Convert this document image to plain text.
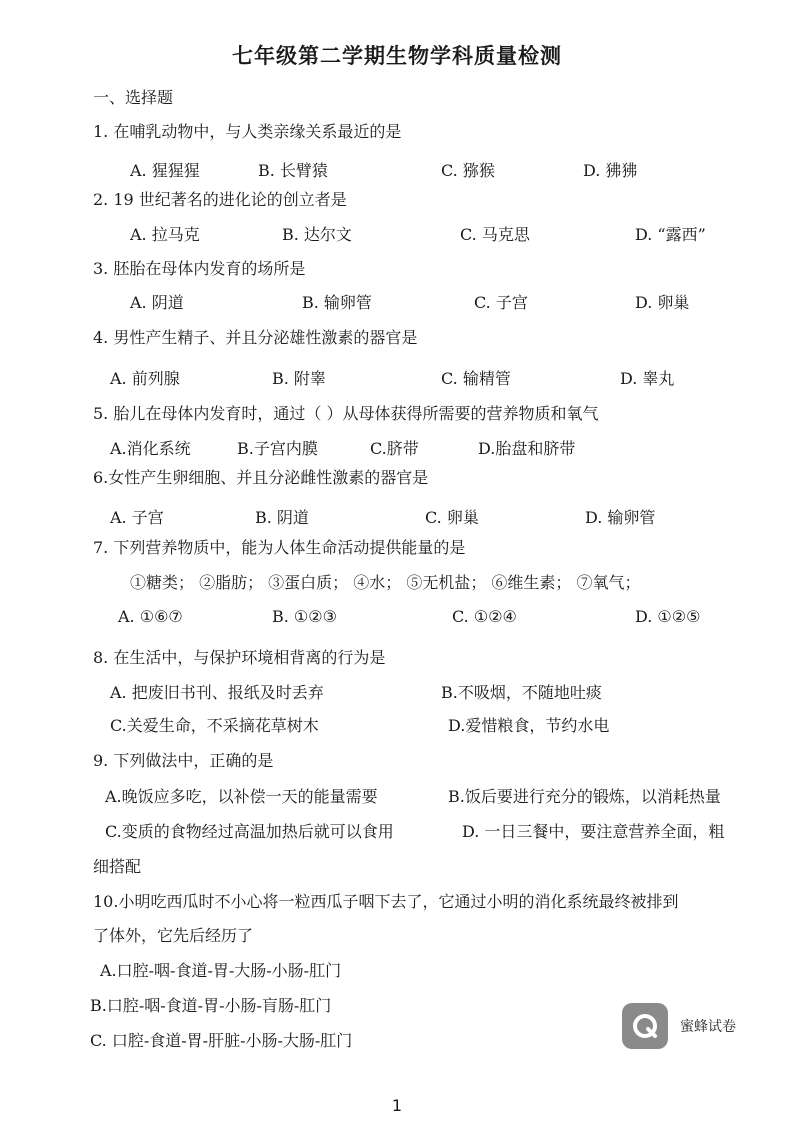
七年级第二学期生物学科质量检测
一、选择题
1. 在哺乳动物中，与人类亲缘关系最近的是
A. 猩猩猩	B. 长臂猿	C. 猕猴	D. 狒狒
2. 19 世纪著名的进化论的创立者是
A. 拉马克	B. 达尔文	C. 马克思	D. “露西”
3. 胚胎在母体内发育的场所是
A. 阴道	B. 输卵管	C. 子宫	D. 卵巢
4. 男性产生精子、并且分泌雄性激素的器官是
A. 前列腺	B. 附睾	C. 输精管	D. 睾丸
5. 胎儿在母体内发育时，通过（ ）从母体获得所需要的营养物质和氧气
A.消化系统	B.子宫内膜	C.脐带	D.胎盘和脐带
6.女性产生卵细胞、并且分泌雌性激素的器官是
A. 子宫	B. 阴道	C. 卵巢	D. 输卵管
7. 下列营养物质中，能为人体生命活动提供能量的是
①糖类； ②脂肪； ③蛋白质； ④水； ⑤无机盐； ⑥维生素； ⑦氧气；
A. ①⑥⑦	B. ①②③	C. ①②④	D. ①②⑤
8. 在生活中，与保护环境相背离的行为是
A. 把废旧书刊、报纸及时丢弃	B.不吸烟，不随地吐痰
C.关爱生命，不采摘花草树木	D.爱惜粮食，节约水电
9. 下列做法中，正确的是
A.晚饭应多吃，以补偿一天的能量需要	B.饭后要进行充分的锻炼，以消耗热量
C.变质的食物经过高温加热后就可以食用	D. 一日三餐中，要注意营养全面，粗
细搭配
10.小明吃西瓜时不小心将一粒西瓜子咽下去了，它通过小明的消化系统最终被排到
了体外，它先后经历了
A.口腔-咽-食道-胃-大肠-小肠-肛门
B.口腔-咽-食道-胃-小肠-肓肠-肛门
C. 口腔-食道-胃-肝脏-小肠-大肠-肛门
蜜蜂试卷
1
